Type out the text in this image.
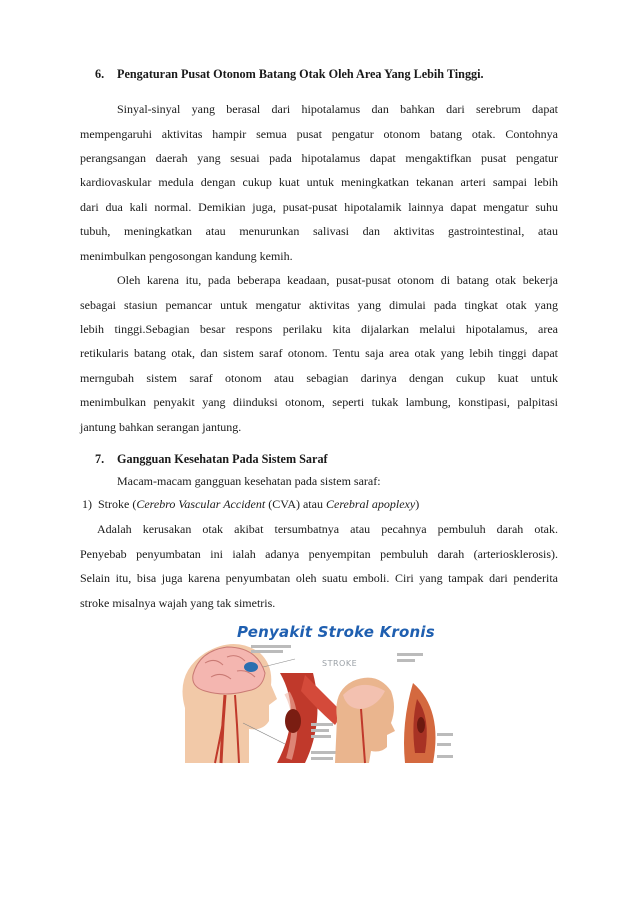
6. Pengaturan Pusat Otonom Batang Otak Oleh Area Yang Lebih Tinggi.
Sinyal-sinyal yang berasal dari hipotalamus dan bahkan dari serebrum dapat
mempengaruhi aktivitas hampir semua pusat pengatur otonom batang otak. Contohnya
perangsangan daerah yang sesuai pada hipotalamus dapat mengaktifkan pusat pengatur
kardiovaskular medula dengan cukup kuat untuk meningkatkan tekanan arteri sampai lebih
dari dua kali normal. Demikian juga, pusat-pusat hipotalamik lainnya dapat mengatur suhu
tubuh, meningkatkan atau menurunkan salivasi dan aktivitas gastrointestinal, atau
menimbulkan pengosongan kandung kemih.
Oleh karena itu, pada beberapa keadaan, pusat-pusat otonom di batang otak bekerja
sebagai stasiun pemancar untuk mengatur aktivitas yang dimulai pada tingkat otak yang
lebih tinggi.Sebagian besar respons perilaku kita dijalarkan melalui hipotalamus, area
retikularis batang otak, dan sistem saraf otonom. Tentu saja area otak yang lebih tinggi dapat
merngubah sistem saraf otonom atau sebagian darinya dengan cukup kuat untuk
menimbulkan penyakit yang diinduksi otonom, seperti tukak lambung, konstipasi, palpitasi
jantung bahkan serangan jantung.
7. Gangguan Kesehatan Pada Sistem Saraf
Macam-macam gangguan kesehatan pada sistem saraf:
1) Stroke (Cerebro Vascular Accident (CVA) atau Cerebral apoplexy)
Adalah kerusakan otak akibat tersumbatnya atau pecahnya pembuluh darah otak.
Penyebab penyumbatan ini ialah adanya penyempitan pembuluh darah (arteriosklerosis).
Selain itu, bisa juga karena penyumbatan oleh suatu emboli. Ciri yang tampak dari penderita
stroke misalnya wajah yang tak simetris.
Penyakit Stroke Kronis
STROKE
